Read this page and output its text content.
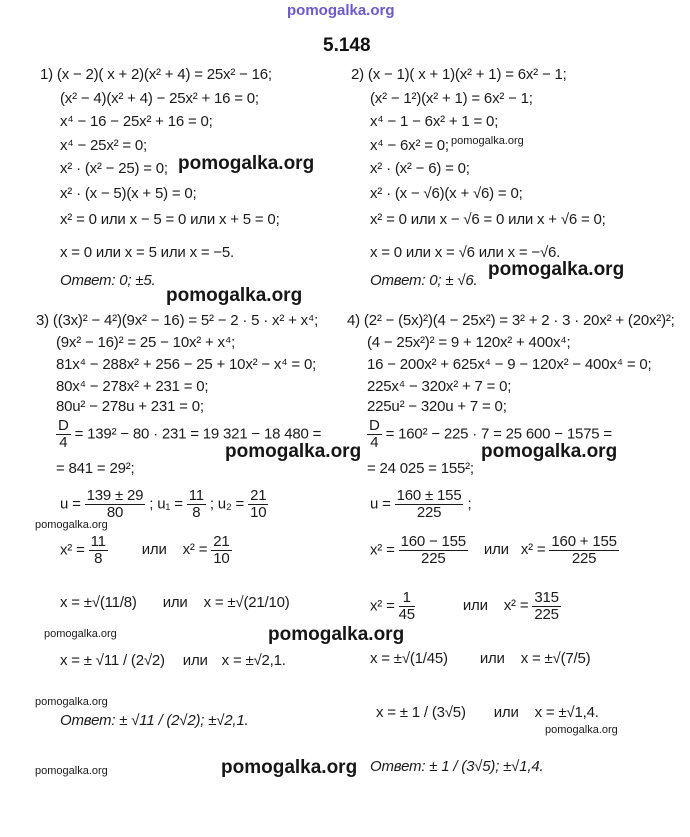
pomogalka.org
5.148
1) (x − 2)( x + 2)(x² + 4) = 25x² − 16;
(x² − 4)(x² + 4) − 25x² + 16 = 0;
x⁴ − 16 − 25x² + 16 = 0;
x⁴ − 25x² = 0;
x² · (x² − 25) = 0;
x² · (x − 5)(x + 5) = 0;
x² = 0 или x − 5 = 0 или x + 5 = 0;
x = 0 или x = 5 или x = −5.
Ответ: 0; ±5.
2) (x − 1)( x + 1)(x² + 1) = 6x² − 1;
(x² − 1²)(x² + 1) = 6x² − 1;
x⁴ − 1 − 6x² + 1 = 0;
x⁴ − 6x² = 0;
x² · (x² − 6) = 0;
x² · (x − √6)(x + √6) = 0;
x² = 0 или x − √6 = 0 или x + √6 = 0;
x = 0 или x = √6 или x = −√6.
Ответ: 0; ± √6.
3) ((3x)² − 4²)(9x² − 16) = 5² − 2 · 5 · x² + x⁴;
(9x² − 16)² = 25 − 10x² + x⁴;
81x⁴ − 288x² + 256 − 25 + 10x² − x⁴ = 0;
80x⁴ − 278x² + 231 = 0;
80u² − 278u + 231 = 0;
$\frac{D}{4} = 139^2 - 80 \cdot 231 = 19$ 321 − 18 480 =
= 841 = 29²;
$u = \frac{139 \pm 29}{80}$ ; $u_1 = \frac{11}{8}$ ; $u_2 = \frac{21}{10}$
$x^2 = \frac{11}{8}$ или $x^2 = \frac{21}{10}$
x = ±√(11/8) или x = ±√(21/10)
x = ± √11 / (2√2) или x = ±√2,1.
Ответ: ± √11 / (2√2); ±√2,1.
4) (2² − (5x)²)(4 − 25x²) = 3² + 2 · 3 · 20x² + (20x²)²;
(4 − 25x²)² = 9 + 120x² + 400x⁴;
16 − 200x² + 625x⁴ − 9 − 120x² − 400x⁴ = 0;
225x⁴ − 320x² + 7 = 0;
225u² − 320u + 7 = 0;
$\frac{D}{4} = 160^2 - 225 \cdot 7 = 25$ 600 − 1575 =
= 24 025 = 155²;
$u = \frac{160 \pm 155}{225}$ ;
$x^2 = \frac{160 - 155}{225}$ или $x^2 = \frac{160 + 155}{225}$
$x^2 = \frac{1}{45}$	или $x^2 = \frac{315}{225}$
x = ±√(1/45) или x = ±√(7/5)
x = ± 1 / (3√5) или x = ±√1,4.
Ответ: ± 1 / (3√5); ±√1,4.
pomogalka.org
pomogalka.org
pomogalka.org
pomogalka.org	pomogalka.org
pomogalka.org
pomogalka.org
pomogalka.org
pomogalka.org
pomogalka.org
pomogalka.org
pomogalka.org
pomogalka.org
